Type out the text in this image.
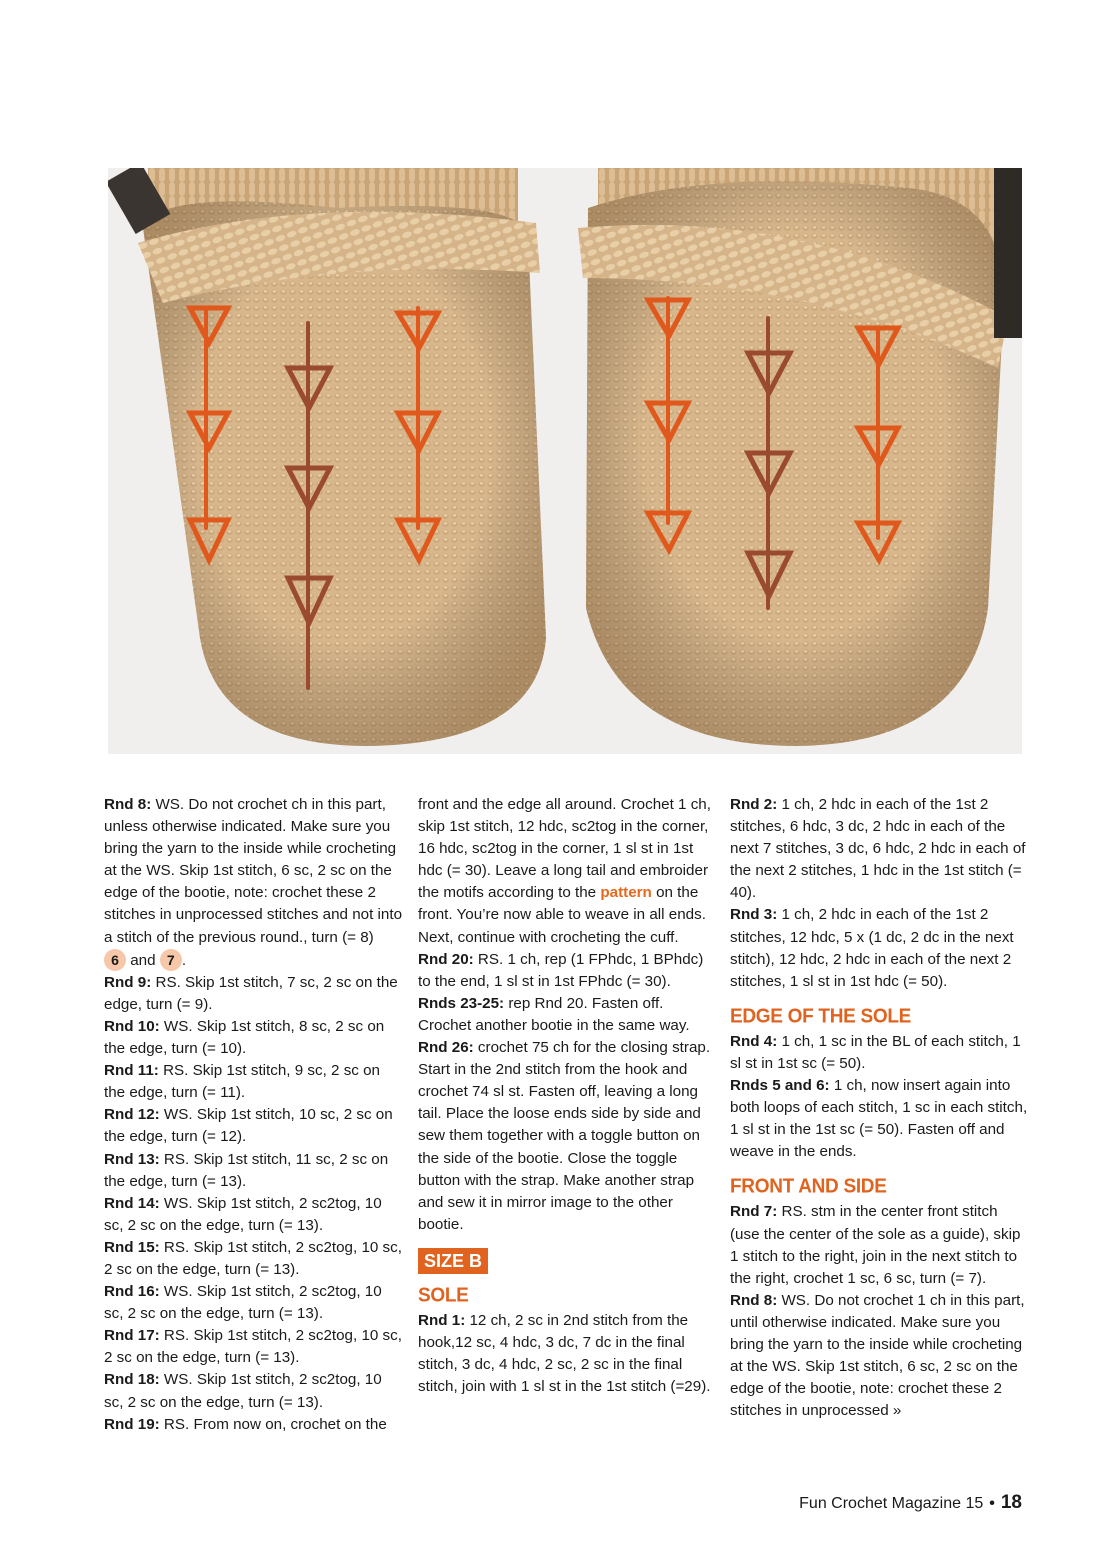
Rnd 8: WS. Do not crochet ch in this part, unless otherwise indicated. Make sure you bring the yarn to the inside while crocheting at the WS. Skip 1st stitch, 6 sc, 2 sc on the edge of the bootie, note: crochet these 2 stitches in unprocessed stitches and not into a stitch of the previous round., turn (= 8)
6 and 7 .

Rnd 9: RS. Skip 1st stitch, 7 sc, 2 sc on the edge, turn (= 9).

Rnd 10: WS. Skip 1st stitch, 8 sc, 2 sc on the edge, turn (= 10).

Rnd 11: RS. Skip 1st stitch, 9 sc, 2 sc on the edge, turn (= 11).

Rnd 12: WS. Skip 1st stitch, 10 sc, 2 sc on the edge, turn (= 12).

Rnd 13: RS. Skip 1st stitch, 11 sc, 2 sc on the edge, turn (= 13).

Rnd 14: WS. Skip 1st stitch, 2 sc2tog, 10 sc, 2 sc on the edge, turn (= 13).

Rnd 15: RS. Skip 1st stitch, 2 sc2tog, 10 sc, 2 sc on the edge, turn (= 13).

Rnd 16: WS. Skip 1st stitch, 2 sc2tog, 10 sc, 2 sc on the edge, turn (= 13).

Rnd 17: RS. Skip 1st stitch, 2 sc2tog, 10 sc, 2 sc on the edge, turn (= 13).

Rnd 18: WS. Skip 1st stitch, 2 sc2tog, 10 sc, 2 sc on the edge, turn (= 13).

Rnd 19: RS. From now on, crochet on the

front and the edge all around. Crochet 1 ch, skip 1st stitch, 12 hdc, sc2tog in the corner, 16 hdc, sc2tog in the corner, 1 sl st in 1st hdc (= 30). Leave a long tail and embroider the motifs according to the pattern on the front. You’re now able to weave in all ends. Next, continue with crocheting the cuff.

Rnd 20: RS. 1 ch, rep (1 FPhdc, 1 BPhdc) to the end, 1 sl st in 1st FPhdc (= 30).

Rnds 23-25: rep Rnd 20. Fasten off. Crochet another bootie in the same way.

Rnd 26: crochet 75 ch for the closing strap. Start in the 2nd stitch from the hook and crochet 74 sl st. Fasten off, leaving a long tail. Place the loose ends side by side and sew them together with a toggle button on the side of the bootie. Close the toggle button with the strap. Make another strap and sew it in mirror image to the other bootie.

SIZE B
SOLE

Rnd 1: 12 ch, 2 sc in 2nd stitch from the hook,12 sc, 4 hdc, 3 dc, 7 dc in the final stitch, 3 dc, 4 hdc, 2 sc, 2 sc in the final stitch, join with 1 sl st in the 1st stitch (=29).

Rnd 2: 1 ch, 2 hdc in each of the 1st 2 stitches, 6 hdc, 3 dc, 2 hdc in each of the next 7 stitches, 3 dc, 6 hdc, 2 hdc in each of the next 2 stitches, 1 hdc in the 1st stitch (= 40).

Rnd 3: 1 ch, 2 hdc in each of the 1st 2 stitches, 12 hdc, 5 x (1 dc, 2 dc in the next stitch), 12 hdc, 2 hdc in each of the next 2 stitches, 1 sl st in 1st hdc (= 50).

EDGE OF THE SOLE

Rnd 4: 1 ch, 1 sc in the BL of each stitch, 1 sl st in 1st sc (= 50).

Rnds 5 and 6: 1 ch, now insert again into both loops of each stitch, 1 sc in each stitch, 1 sl st in the 1st sc (= 50). Fasten off and weave in the ends.

FRONT AND SIDE

Rnd 7: RS. stm in the center front stitch (use the center of the sole as a guide), skip 1 stitch to the right, join in the next stitch to the right, crochet 1 sc, 6 sc, turn (= 7).

Rnd 8: WS. Do not crochet 1 ch in this part, until otherwise indicated. Make sure you bring the yarn to the inside while crocheting at the WS. Skip 1st stitch, 6 sc, 2 sc on the edge of the bootie, note: crochet these 2 stitches in unprocessed »

Fun Crochet Magazine 15 • 18
